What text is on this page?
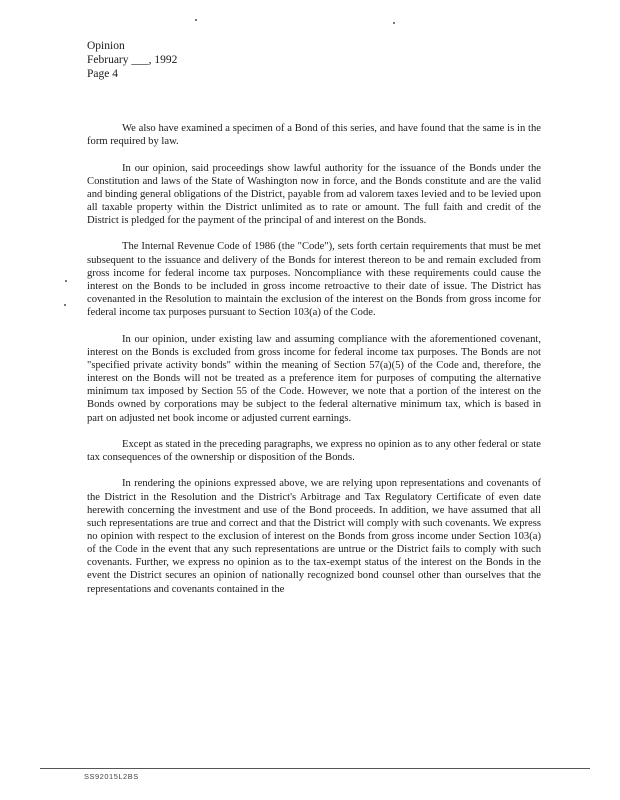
Opinion
February ___, 1992
Page 4

We also have examined a specimen of a Bond of this series, and have found that the same is in the form required by law.

In our opinion, said proceedings show lawful authority for the issuance of the Bonds under the Constitution and laws of the State of Washington now in force, and the Bonds constitute and are the valid and binding general obligations of the District, payable from ad valorem taxes levied and to be levied upon all taxable property within the District unlimited as to rate or amount. The full faith and credit of the District is pledged for the payment of the principal of and interest on the Bonds.

The Internal Revenue Code of 1986 (the "Code"), sets forth certain requirements that must be met subsequent to the issuance and delivery of the Bonds for interest thereon to be and remain excluded from gross income for federal income tax purposes. Noncompliance with these requirements could cause the interest on the Bonds to be included in gross income retroactive to their date of issue. The District has covenanted in the Resolution to maintain the exclusion of the interest on the Bonds from gross income for federal income tax purposes pursuant to Section 103(a) of the Code.

In our opinion, under existing law and assuming compliance with the aforementioned covenant, interest on the Bonds is excluded from gross income for federal income tax purposes. The Bonds are not "specified private activity bonds" within the meaning of Section 57(a)(5) of the Code and, therefore, the interest on the Bonds will not be treated as a preference item for purposes of computing the alternative minimum tax imposed by Section 55 of the Code. However, we note that a portion of the interest on the Bonds owned by corporations may be subject to the federal alternative minimum tax, which is based in part on adjusted net book income or adjusted current earnings.

Except as stated in the preceding paragraphs, we express no opinion as to any other federal or state tax consequences of the ownership or disposition of the Bonds.

In rendering the opinions expressed above, we are relying upon representations and covenants of the District in the Resolution and the District's Arbitrage and Tax Regulatory Certificate of even date herewith concerning the investment and use of the Bond proceeds. In addition, we have assumed that all such representations are true and correct and that the District will comply with such covenants. We express no opinion with respect to the exclusion of interest on the Bonds from gross income under Section 103(a) of the Code in the event that any such representations are untrue or the District fails to comply with such covenants. Further, we express no opinion as to the tax-exempt status of the interest on the Bonds in the event the District secures an opinion of nationally recognized bond counsel other than ourselves that the representations and covenants contained in the

SS92015L2BS
